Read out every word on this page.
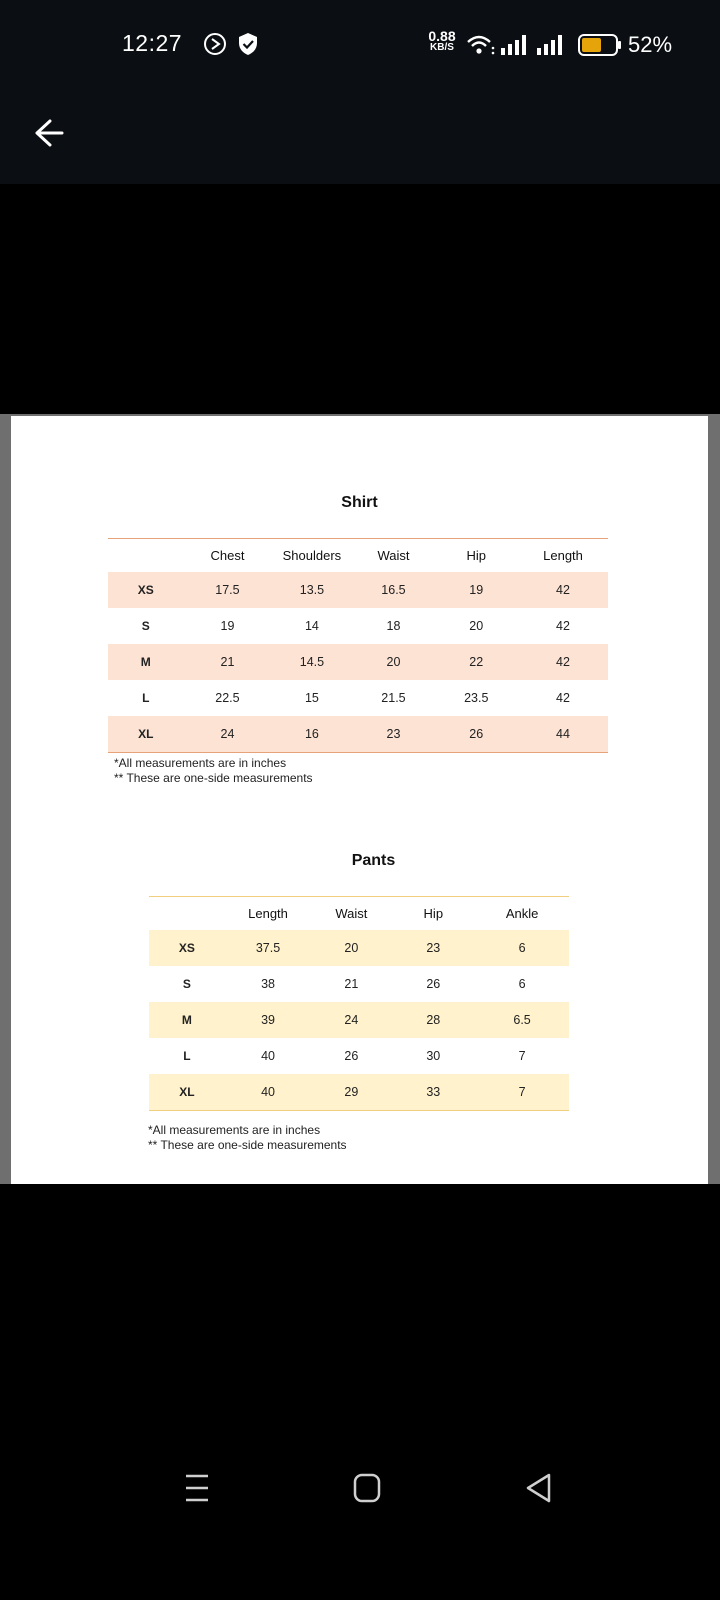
12:27	0.88
KB/S	52%
Shirt
	Chest	Shoulders	Waist	Hip	Length
XS	17.5	13.5	16.5	19	42
S	19	14	18	20	42
M	21	14.5	20	22	42
L	22.5	15	21.5	23.5	42
XL	24	16	23	26	44
*All measurements are in inches
** These are one-side measurements
Pants
	Length	Waist	Hip	Ankle
XS	37.5	20	23	6
S	38	21	26	6
M	39	24	28	6.5
L	40	26	30	7
XL	40	29	33	7
*All measurements are in inches
** These are one-side measurements
